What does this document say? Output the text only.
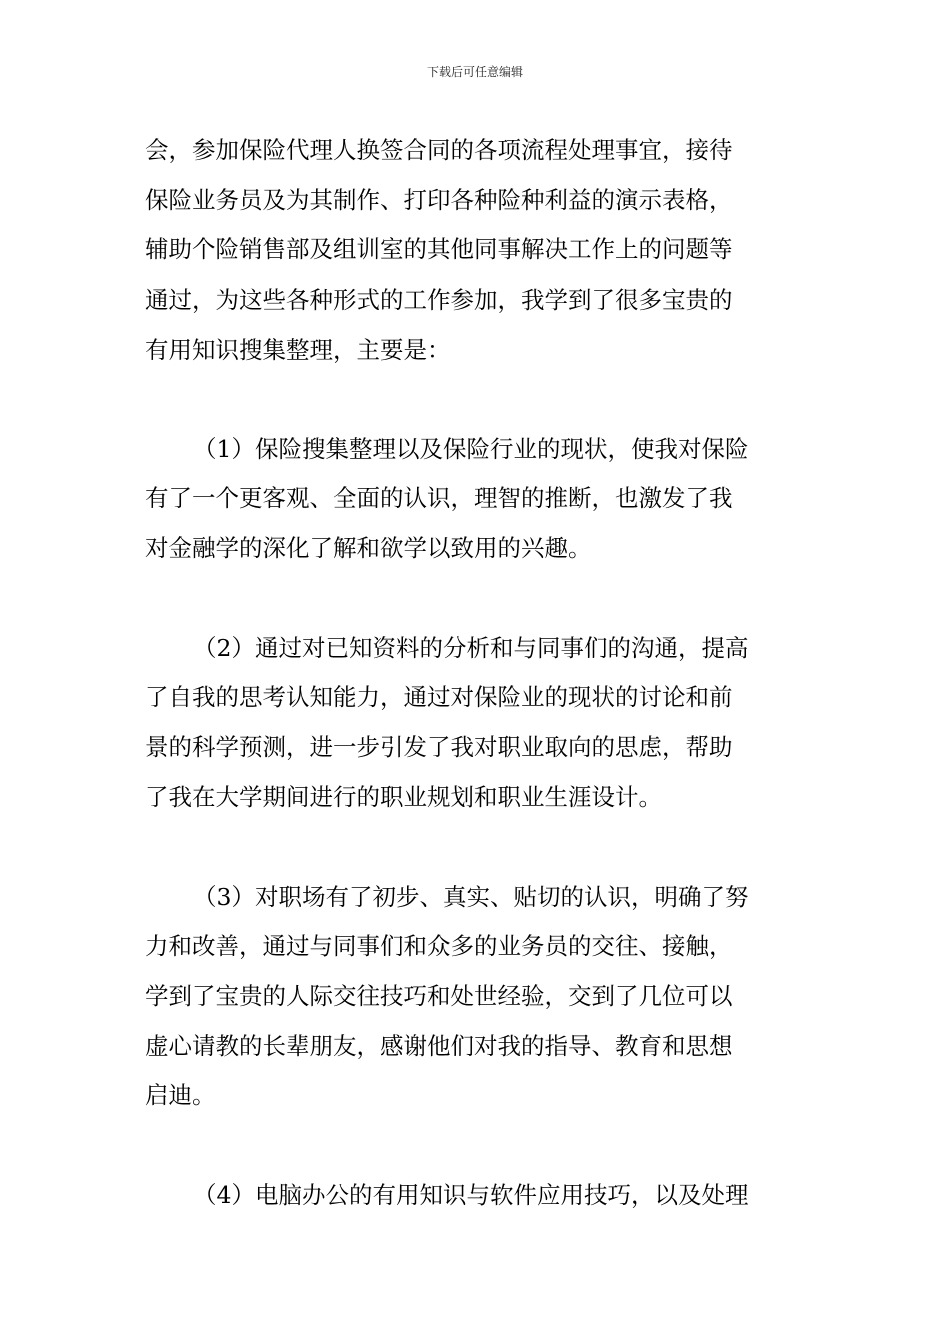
下载后可任意编辑
会，参加保险代理人换签合同的各项流程处理事宜，接待
保险业务员及为其制作、打印各种险种利益的演示表格，
辅助个险销售部及组训室的其他同事解决工作上的问题等
通过，为这些各种形式的工作参加，我学到了很多宝贵的
有用知识搜集整理，主要是：
（1）保险搜集整理以及保险行业的现状，使我对保险
有了一个更客观、全面的认识，理智的推断，也激发了我
对金融学的深化了解和欲学以致用的兴趣。
（2）通过对已知资料的分析和与同事们的沟通，提高
了自我的思考认知能力，通过对保险业的现状的讨论和前
景的科学预测，进一步引发了我对职业取向的思虑，帮助
了我在大学期间进行的职业规划和职业生涯设计。
（3）对职场有了初步、真实、贴切的认识，明确了努
力和改善，通过与同事们和众多的业务员的交往、接触，
学到了宝贵的人际交往技巧和处世经验，交到了几位可以
虚心请教的长辈朋友，感谢他们对我的指导、教育和思想
启迪。
（4）电脑办公的有用知识与软件应用技巧，以及处理
